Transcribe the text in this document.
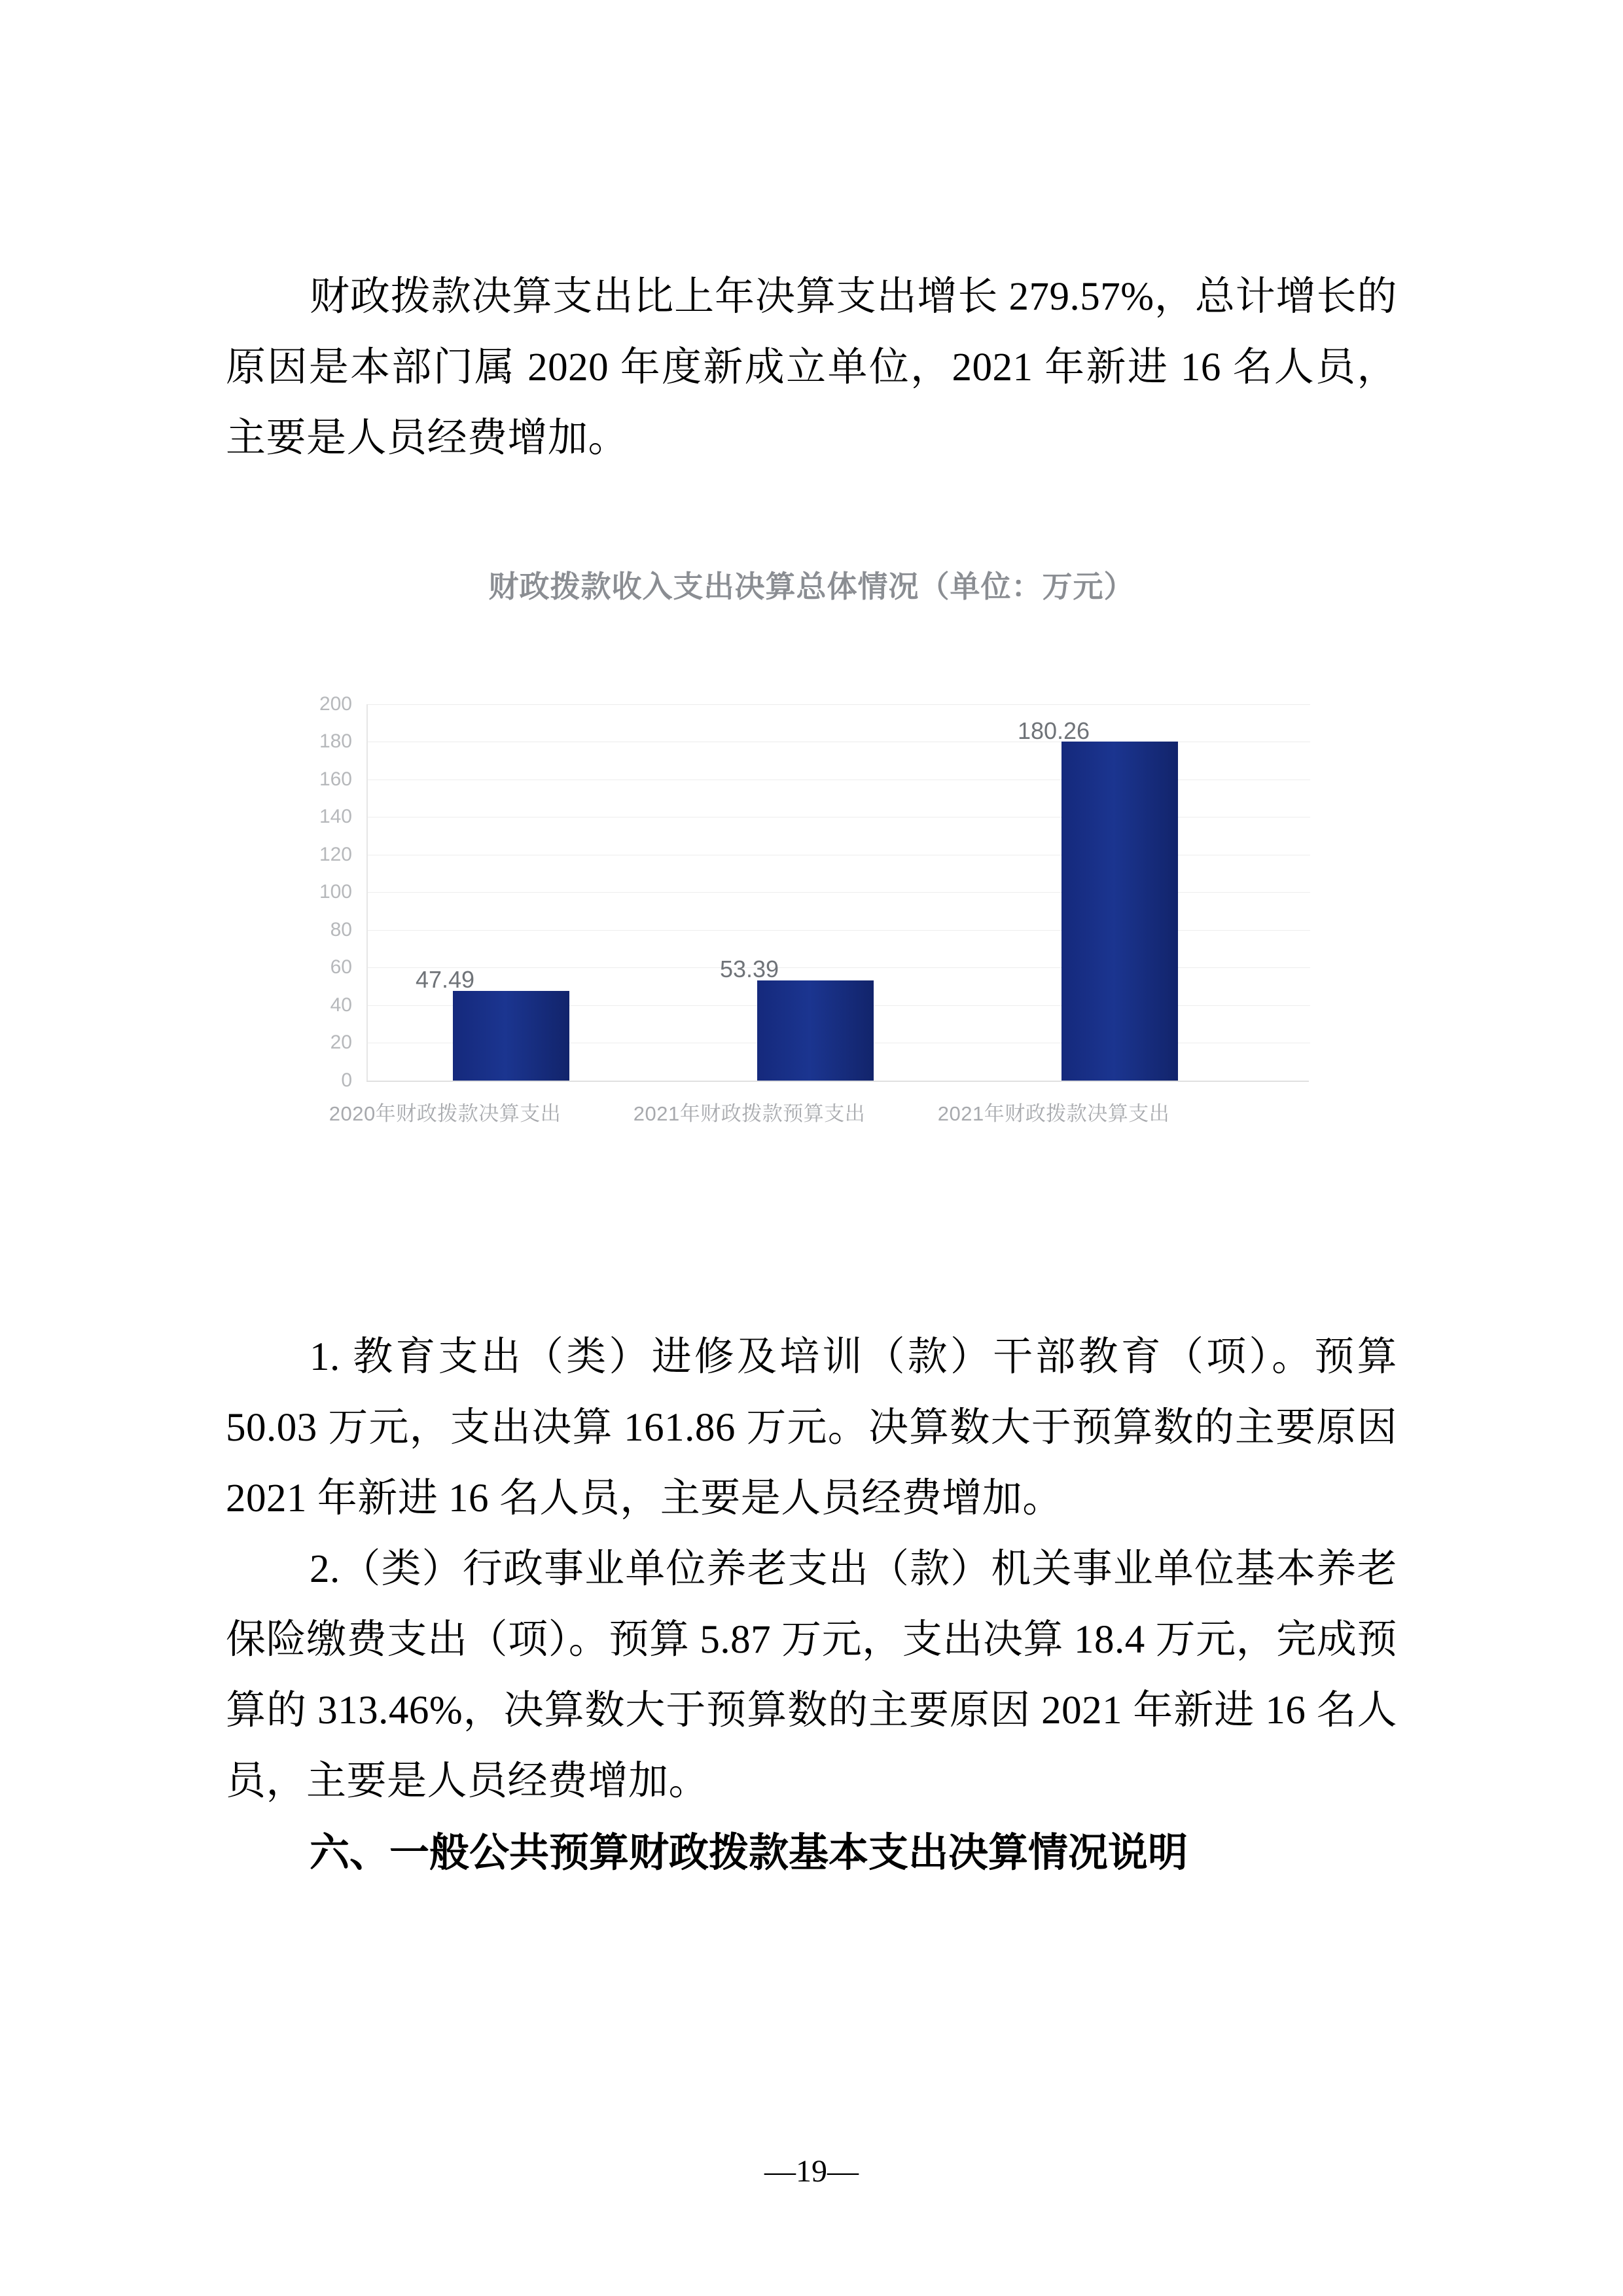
财政拨款决算支出比上年决算支出增长 279.57%，总计增长的原因是本部门属 2020 年度新成立单位，2021 年新进 16 名人员，主要是人员经费增加。

财政拨款收入支出决算总体情况（单位：万元）
200
180
160
140
120
100
80
60
40
20
0
47.49	53.39
180.26
2020年财政拨款决算支出	2021年财政拨款预算支出	2021年财政拨款决算支出

1. 教育支出（类）进修及培训（款）干部教育（项）。预算 50.03 万元，支出决算 161.86 万元。决算数大于预算数的主要原因 2021 年新进 16 名人员，主要是人员经费增加。

2.（类）行政事业单位养老支出（款）机关事业单位基本养老保险缴费支出（项）。预算 5.87 万元，支出决算 18.4 万元，完成预算的 313.46%，决算数大于预算数的主要原因 2021 年新进 16 名人员，主要是人员经费增加。

六、一般公共预算财政拨款基本支出决算情况说明

—19—
